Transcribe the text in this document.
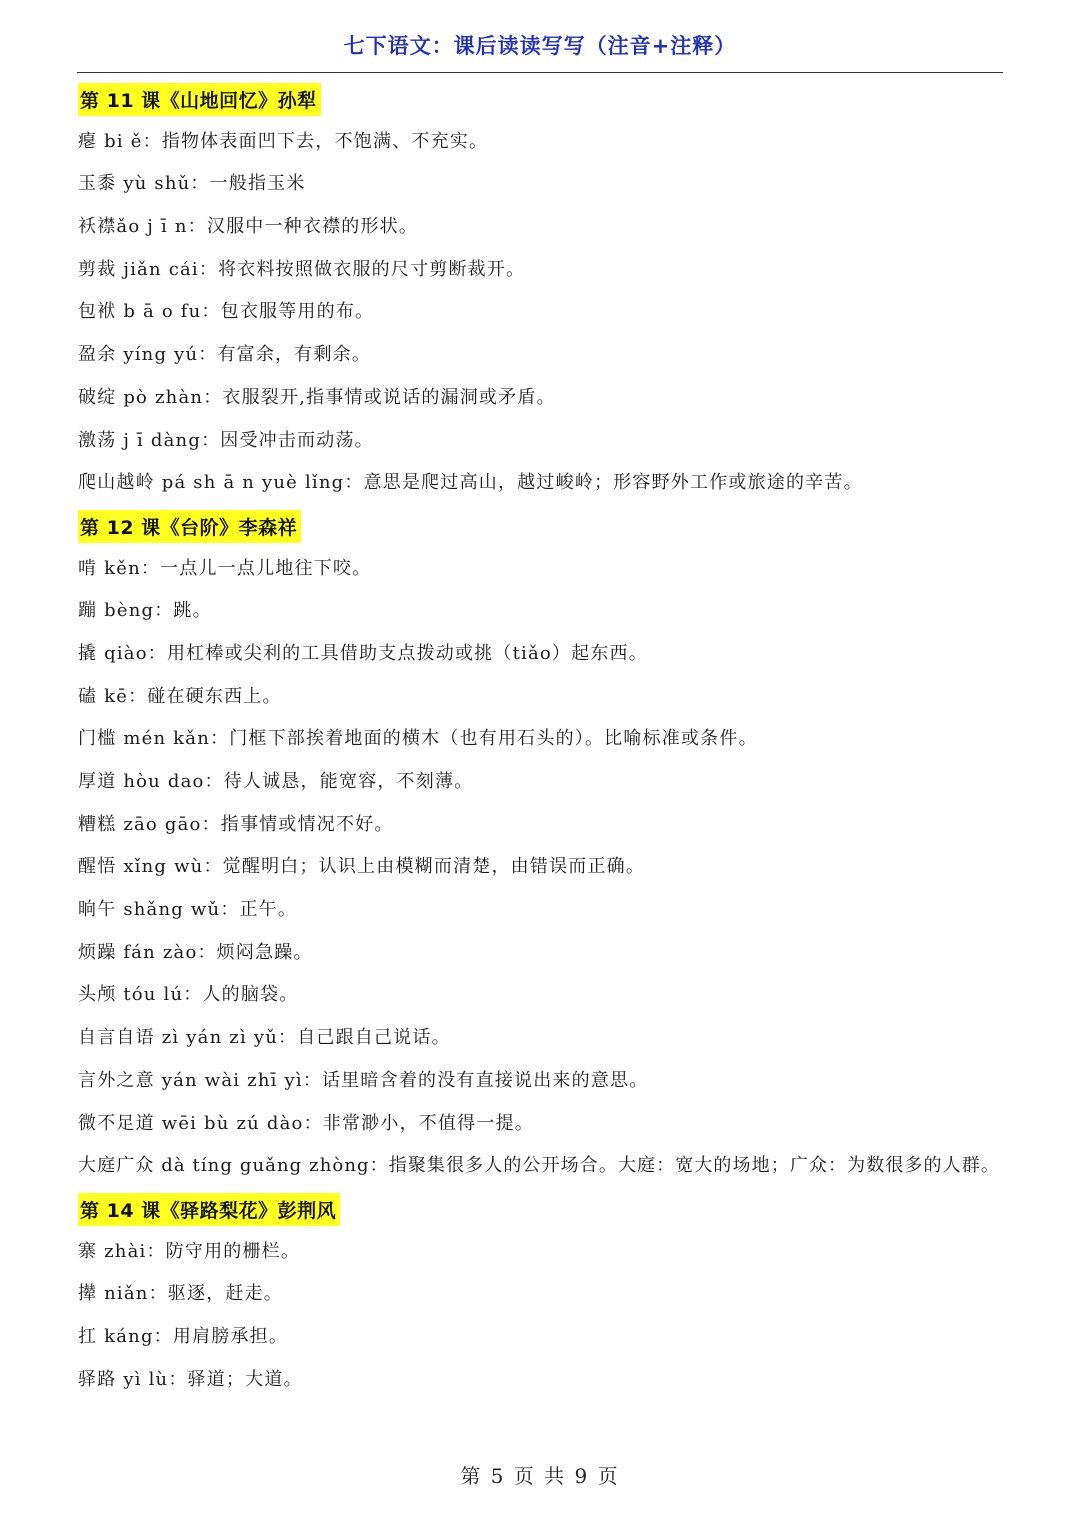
七下语文：课后读读写写（注音+注释）
第 11 课《山地回忆》孙犁
瘪 bi ě：指物体表面凹下去，不饱满、不充实。
玉黍 yù shǔ：一般指玉米
袄襟ǎo j ī n：汉服中一种衣襟的形状。
剪裁 jiǎn cái：将衣料按照做衣服的尺寸剪断裁开。
包袱 b ā o fu：包衣服等用的布。
盈余 yíng yú：有富余，有剩余。
破绽 pò zhàn：衣服裂开,指事情或说话的漏洞或矛盾。
激荡 j ī dàng：因受冲击而动荡。
爬山越岭 pá sh ā n yuè lǐng：意思是爬过高山，越过峻岭；形容野外工作或旅途的辛苦。
第 12 课《台阶》李森祥
啃 kěn：一点儿一点儿地往下咬。
蹦 bèng：跳。
撬 qiào：用杠棒或尖利的工具借助支点拨动或挑（tiǎo）起东西。
磕 kē：碰在硬东西上。
门槛 mén kǎn：门框下部挨着地面的横木（也有用石头的）。比喻标准或条件。
厚道 hòu dao：待人诚恳，能宽容，不刻薄。
糟糕 zāo gāo：指事情或情况不好。
醒悟 xǐng wù：觉醒明白；认识上由模糊而清楚，由错误而正确。
晌午 shǎng wǔ：正午。
烦躁 fán zào：烦闷急躁。
头颅 tóu lú：人的脑袋。
自言自语 zì yán zì yǔ：自己跟自己说话。
言外之意 yán wài zhī yì：话里暗含着的没有直接说出来的意思。
微不足道 wēi bù zú dào：非常渺小，不值得一提。
大庭广众 dà tíng guǎng zhòng：指聚集很多人的公开场合。大庭：宽大的场地；广众：为数很多的人群。
第 14 课《驿路梨花》彭荆风
寨 zhài：防守用的栅栏。
撵 niǎn：驱逐，赶走。
扛 káng：用肩膀承担。
驿路 yì lù：驿道；大道。
第 5 页 共 9 页
